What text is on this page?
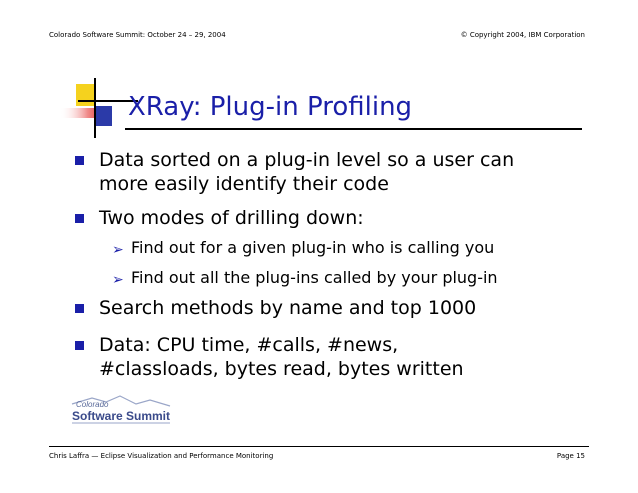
Colorado Software Summit: October 24 – 29, 2004	© Copyright 2004, IBM Corporation
XRay: Plug-in Profiling
Data sorted on a plug-in level so a user can
more easily identify their code
Two modes of drilling down:
➢ Find out for a given plug-in who is calling you
➢ Find out all the plug-ins called by your plug-in
Search methods by name and top 1000
Data: CPU time, #calls, #news,
#classloads, bytes read, bytes written
Colorado
Software Summit
Chris Laffra — Eclipse Visualization and Performance Monitoring	Page 15
